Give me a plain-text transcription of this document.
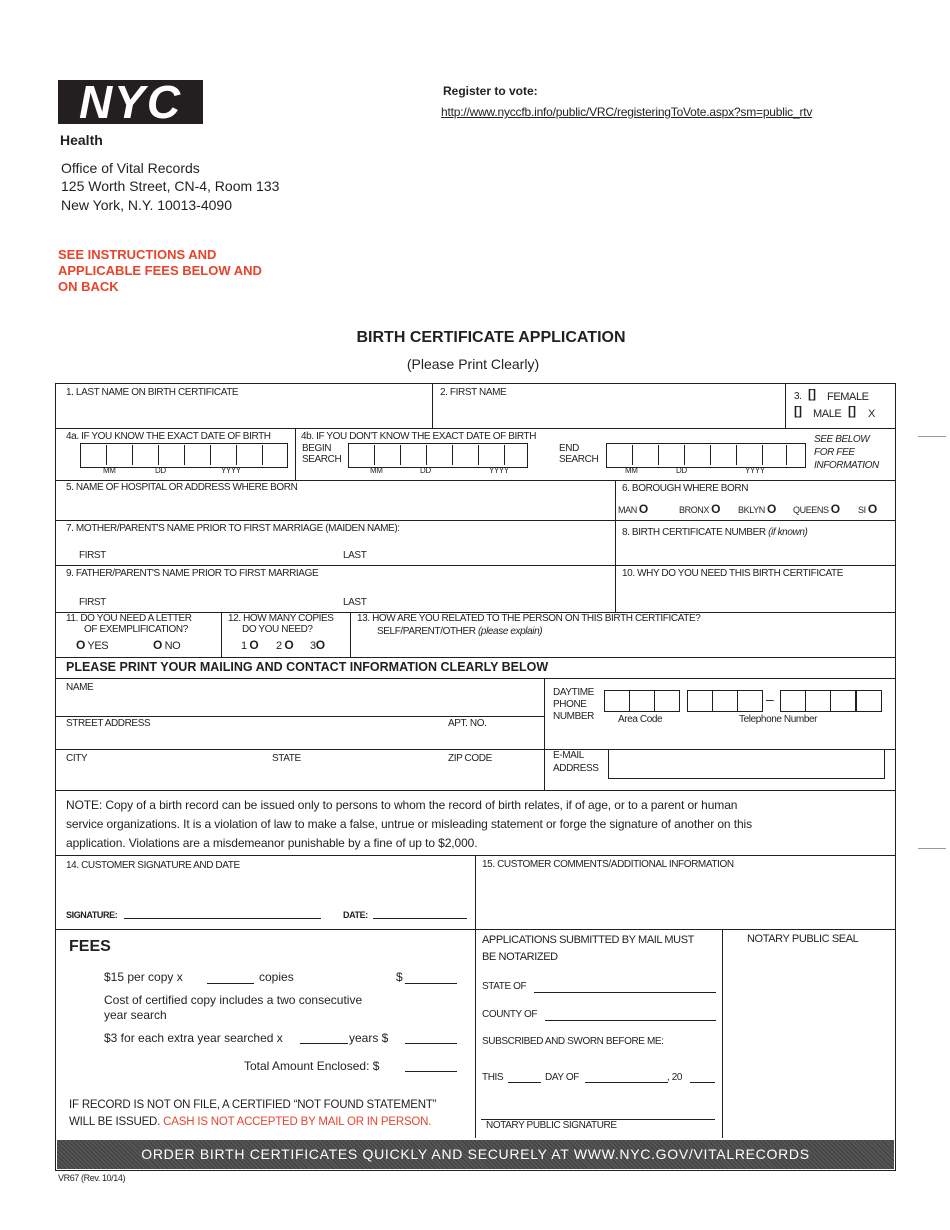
NYC
Health
Register to vote:
http://www.nyccfb.info/public/VRC/registeringToVote.aspx?sm=public_rtv
Office of Vital Records
125 Worth Street, CN-4, Room 133
New York, N.Y. 10013-4090
SEE INSTRUCTIONS AND
APPLICABLE FEES BELOW AND
ON BACK
BIRTH CERTIFICATE APPLICATION
(Please Print Clearly)
1. LAST NAME ON BIRTH CERTIFICATE	2. FIRST NAME	3. [] FEMALE
[] MALE [] X
4a. IF YOU KNOW THE EXACT DATE OF BIRTH
MM	DD	YYYY
4b. IF YOU DON'T KNOW THE EXACT DATE OF BIRTH
BEGIN
SEARCH
MM	DD	YYYY
END
SEARCH
MM	DD	YYYY
SEE BELOW
FOR FEE
INFORMATION
5. NAME OF HOSPITAL OR ADDRESS WHERE BORN	6. BOROUGH WHERE BORN
MAN O	BRONX O BKLYN O QUEENS O SI O
7. MOTHER/PARENT'S NAME PRIOR TO FIRST MARRIAGE (MAIDEN NAME):
FIRST	LAST
8. BIRTH CERTIFICATE NUMBER (if known)
9. FATHER/PARENT'S NAME PRIOR TO FIRST MARRIAGE
FIRST	LAST
10. WHY DO YOU NEED THIS BIRTH CERTIFICATE
11. DO YOU NEED A LETTER
OF EXEMPLIFICATION?
O YES	O NO
12. HOW MANY COPIES
DO YOU NEED?
1 O 2 O 3O
13. HOW ARE YOU RELATED TO THE PERSON ON THIS BIRTH CERTIFICATE?
SELF/PARENT/OTHER (please explain)
PLEASE PRINT YOUR MAILING AND CONTACT INFORMATION CLEARLY BELOW
NAME
STREET ADDRESS	APT. NO.
CITY	STATE	ZIP CODE
DAYTIME
PHONE
NUMBER
–
Area Code	Telephone Number
E-MAIL
ADDRESS
NOTE: Copy of a birth record can be issued only to persons to whom the record of birth relates, if of age, or to a parent or human
service organizations. It is a violation of law to make a false, untrue or misleading statement or forge the signature of another on this
application. Violations are a misdemeanor punishable by a fine of up to $2,000.
14. CUSTOMER SIGNATURE AND DATE	15. CUSTOMER COMMENTS/ADDITIONAL INFORMATION
SIGNATURE:	DATE:
FEES
$15 per copy x	copies	$
Cost of certified copy includes a two consecutive
year search
$3 for each extra year searched x	years $
Total Amount Enclosed: $
IF RECORD IS NOT ON FILE, A CERTIFIED “NOT FOUND STATEMENT”
WILL BE ISSUED. CASH IS NOT ACCEPTED BY MAIL OR IN PERSON.
APPLICATIONS SUBMITTED BY MAIL MUST
BE NOTARIZED
STATE OF
COUNTY OF
SUBSCRIBED AND SWORN BEFORE ME:
THIS	DAY OF	, 20
NOTARY PUBLIC SIGNATURE
NOTARY PUBLIC SEAL
ORDER BIRTH CERTIFICATES QUICKLY AND SECURELY AT WWW.NYC.GOV/VITALRECORDS
VR67 (Rev. 10/14)
